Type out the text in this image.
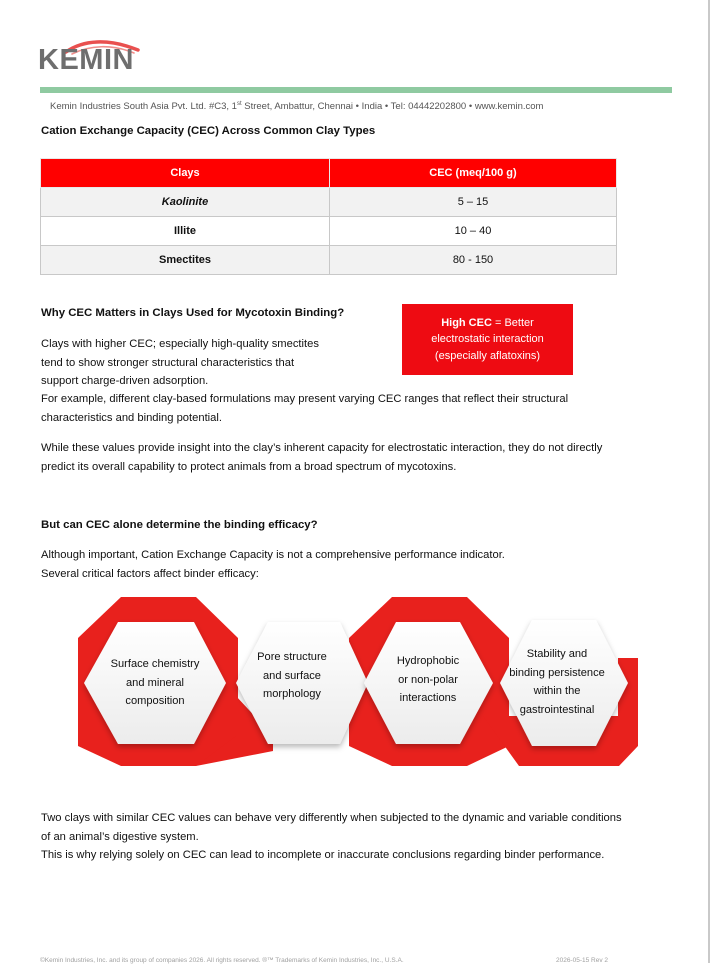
KEMIN
Kemin Industries South Asia Pvt. Ltd. #C3, 1st Street, Ambattur, Chennai • India • Tel: 04442202800 • www.kemin.com
Cation Exchange Capacity (CEC) Across Common Clay Types
Clays	CEC (meq/100 g)
Kaolinite	5 – 15
Illite	10 – 40
Smectites	80 - 150
Why CEC Matters in Clays Used for Mycotoxin Binding?
High CEC = Better
electrostatic interaction
(especially aflatoxins)
Clays with higher CEC; especially high-quality smectites
tend to show stronger structural characteristics that
support charge-driven adsorption.
For example, different clay-based formulations may present varying CEC ranges that reflect their structural
characteristics and binding potential.
While these values provide insight into the clay’s inherent capacity for electrostatic interaction, they do not directly
predict its overall capability to protect animals from a broad spectrum of mycotoxins.
But can CEC alone determine the binding efficacy?
Although important, Cation Exchange Capacity is not a comprehensive performance indicator.
Several critical factors affect binder efficacy:
Surface chemistry
and mineral
composition
Pore structure
and surface
morphology
Hydrophobic
or non-polar
interactions
Stability and
binding persistence
within the
gastrointestinal
Two clays with similar CEC values can behave very differently when subjected to the dynamic and variable conditions
of an animal’s digestive system.
This is why relying solely on CEC can lead to incomplete or inaccurate conclusions regarding binder performance.
©Kemin Industries, Inc. and its group of companies 2026. All rights reserved. ®™ Trademarks of Kemin Industries, Inc., U.S.A.	2026-05-15 Rev 2
